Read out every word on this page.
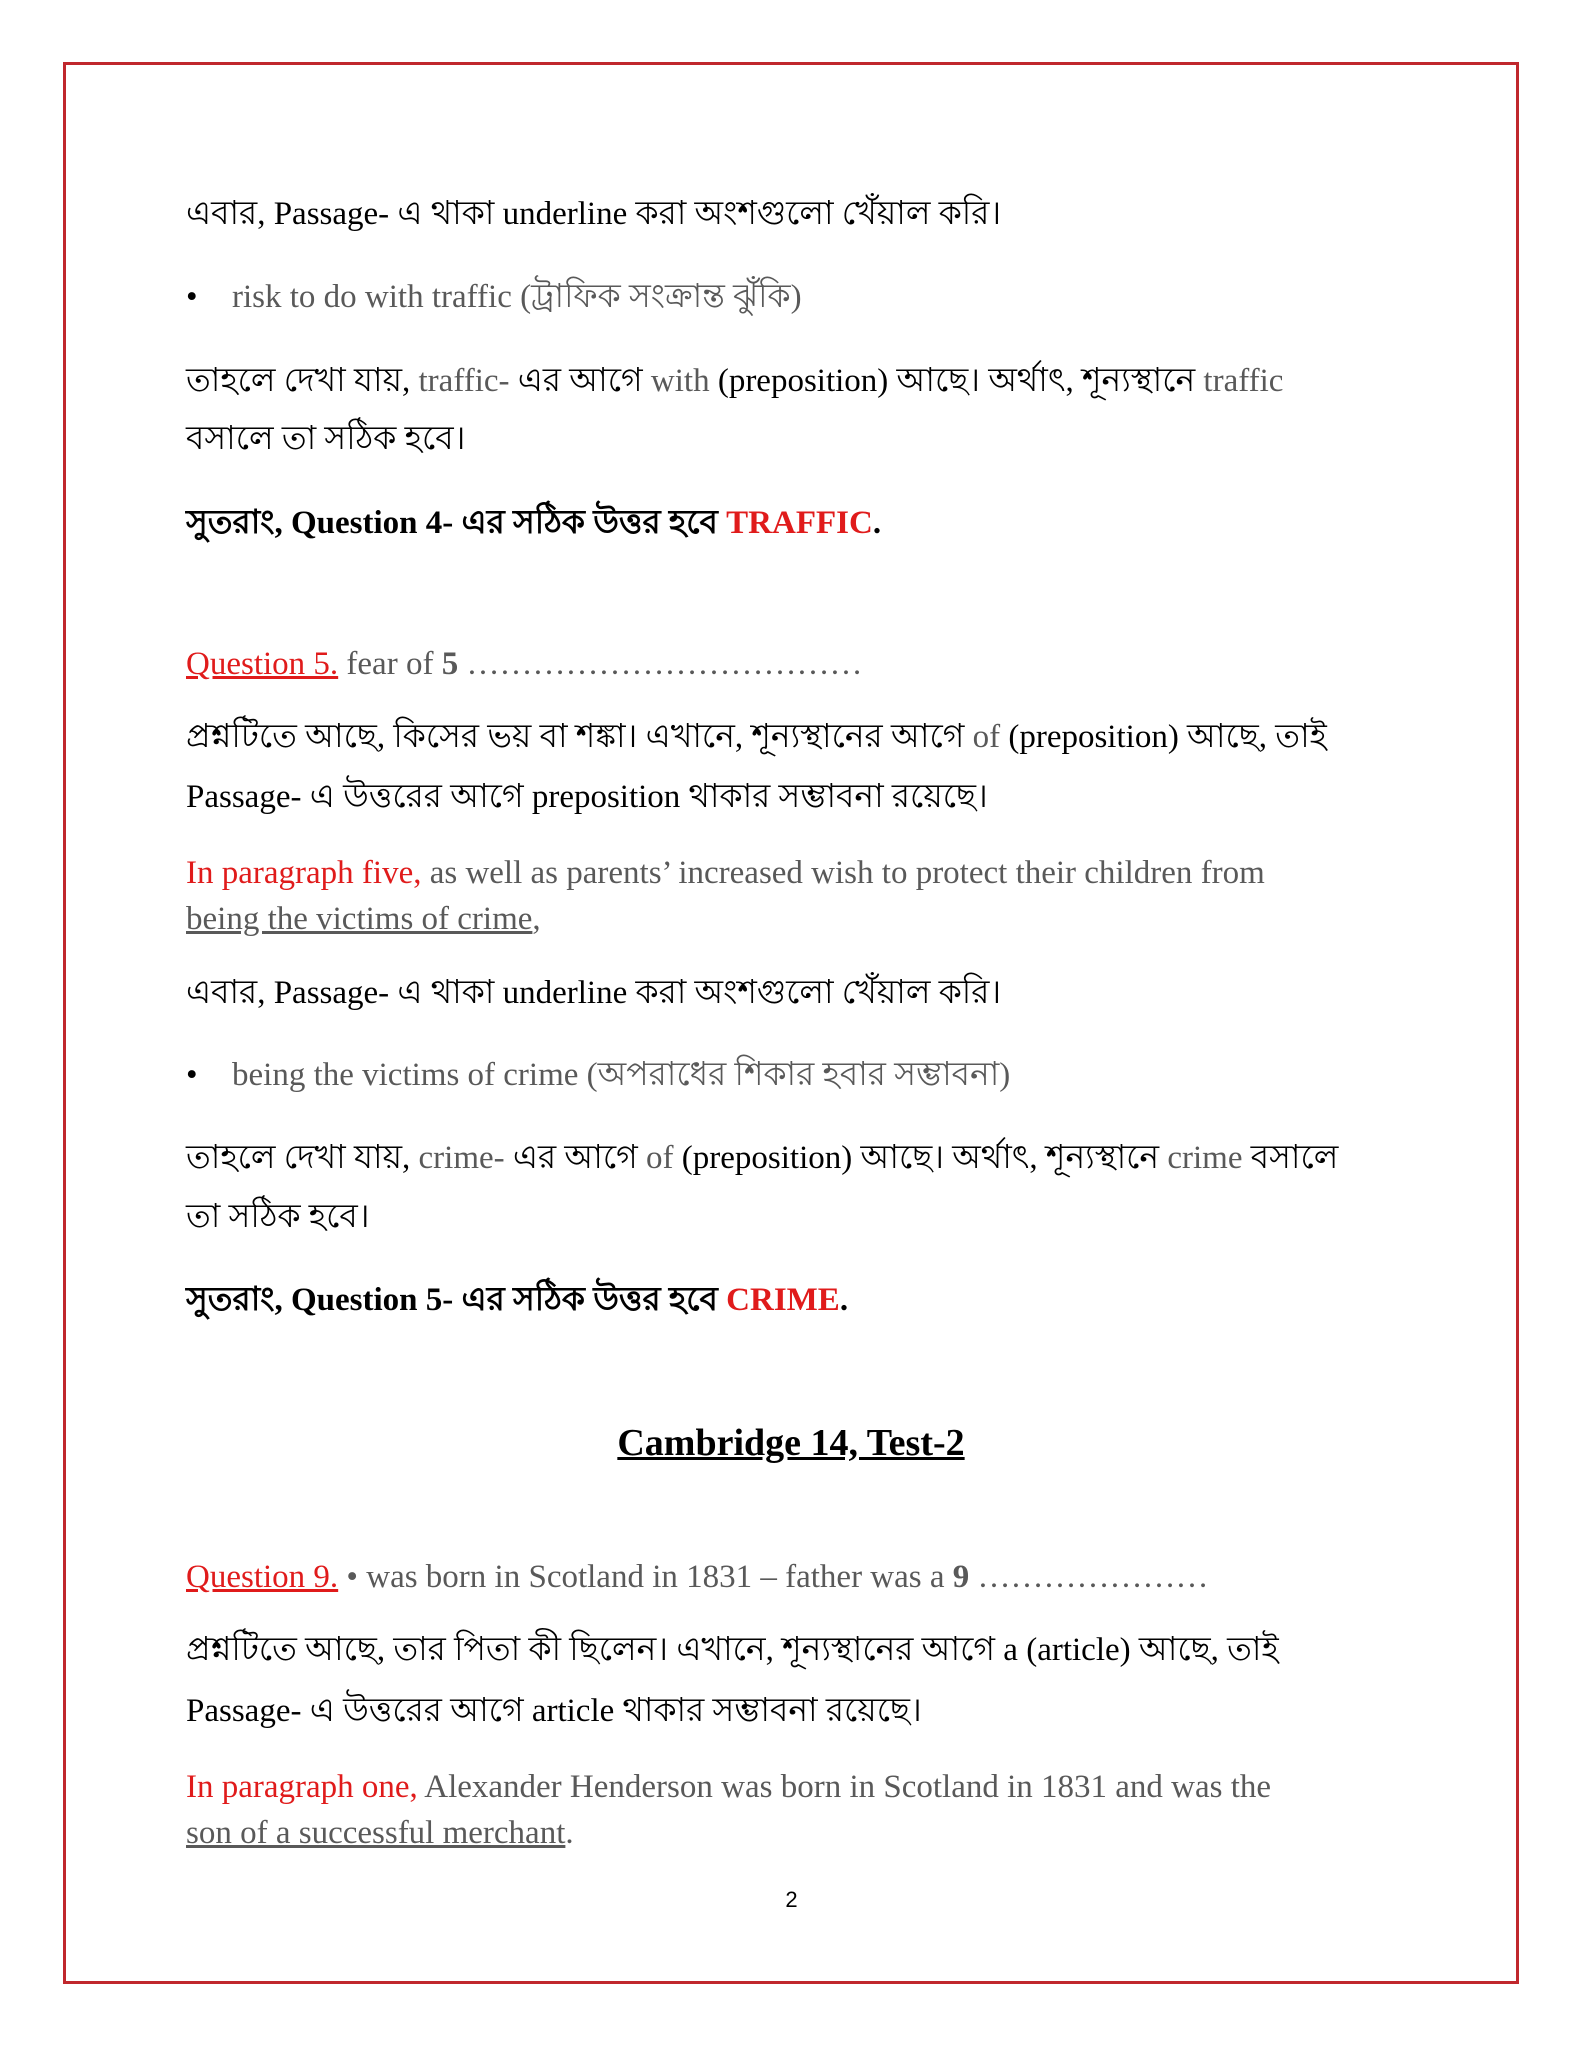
এবার, Passage- এ থাকা underline করা অংশগুলো খেঁয়াল করি।
• risk to do with traffic (ট্রাফিক সংক্রান্ত ঝুঁকি)
তাহলে দেখা যায়, traffic- এর আগে with (preposition) আছে। অর্থাৎ, শূন্যস্থানে traffic
বসালে তা সঠিক হবে।
সুতরাং, Question 4- এর সঠিক উত্তর হবে TRAFFIC.
Question 5. fear of 5 ………………………………
প্রশ্নটিতে আছে, কিসের ভয় বা শঙ্কা। এখানে, শূন্যস্থানের আগে of (preposition) আছে, তাই
Passage- এ উত্তরের আগে preposition থাকার সম্ভাবনা রয়েছে।
In paragraph five, as well as parents’ increased wish to protect their children from
being the victims of crime,
এবার, Passage- এ থাকা underline করা অংশগুলো খেঁয়াল করি।
• being the victims of crime (অপরাধের শিকার হবার সম্ভাবনা)
তাহলে দেখা যায়, crime- এর আগে of (preposition) আছে। অর্থাৎ, শূন্যস্থানে crime বসালে
তা সঠিক হবে।
সুতরাং, Question 5- এর সঠিক উত্তর হবে CRIME.
Cambridge 14, Test-2
Question 9. • was born in Scotland in 1831 – father was a 9 …………………
প্রশ্নটিতে আছে, তার পিতা কী ছিলেন। এখানে, শূন্যস্থানের আগে a (article) আছে, তাই
Passage- এ উত্তরের আগে article থাকার সম্ভাবনা রয়েছে।
In paragraph one, Alexander Henderson was born in Scotland in 1831 and was the
son of a successful merchant.
2
